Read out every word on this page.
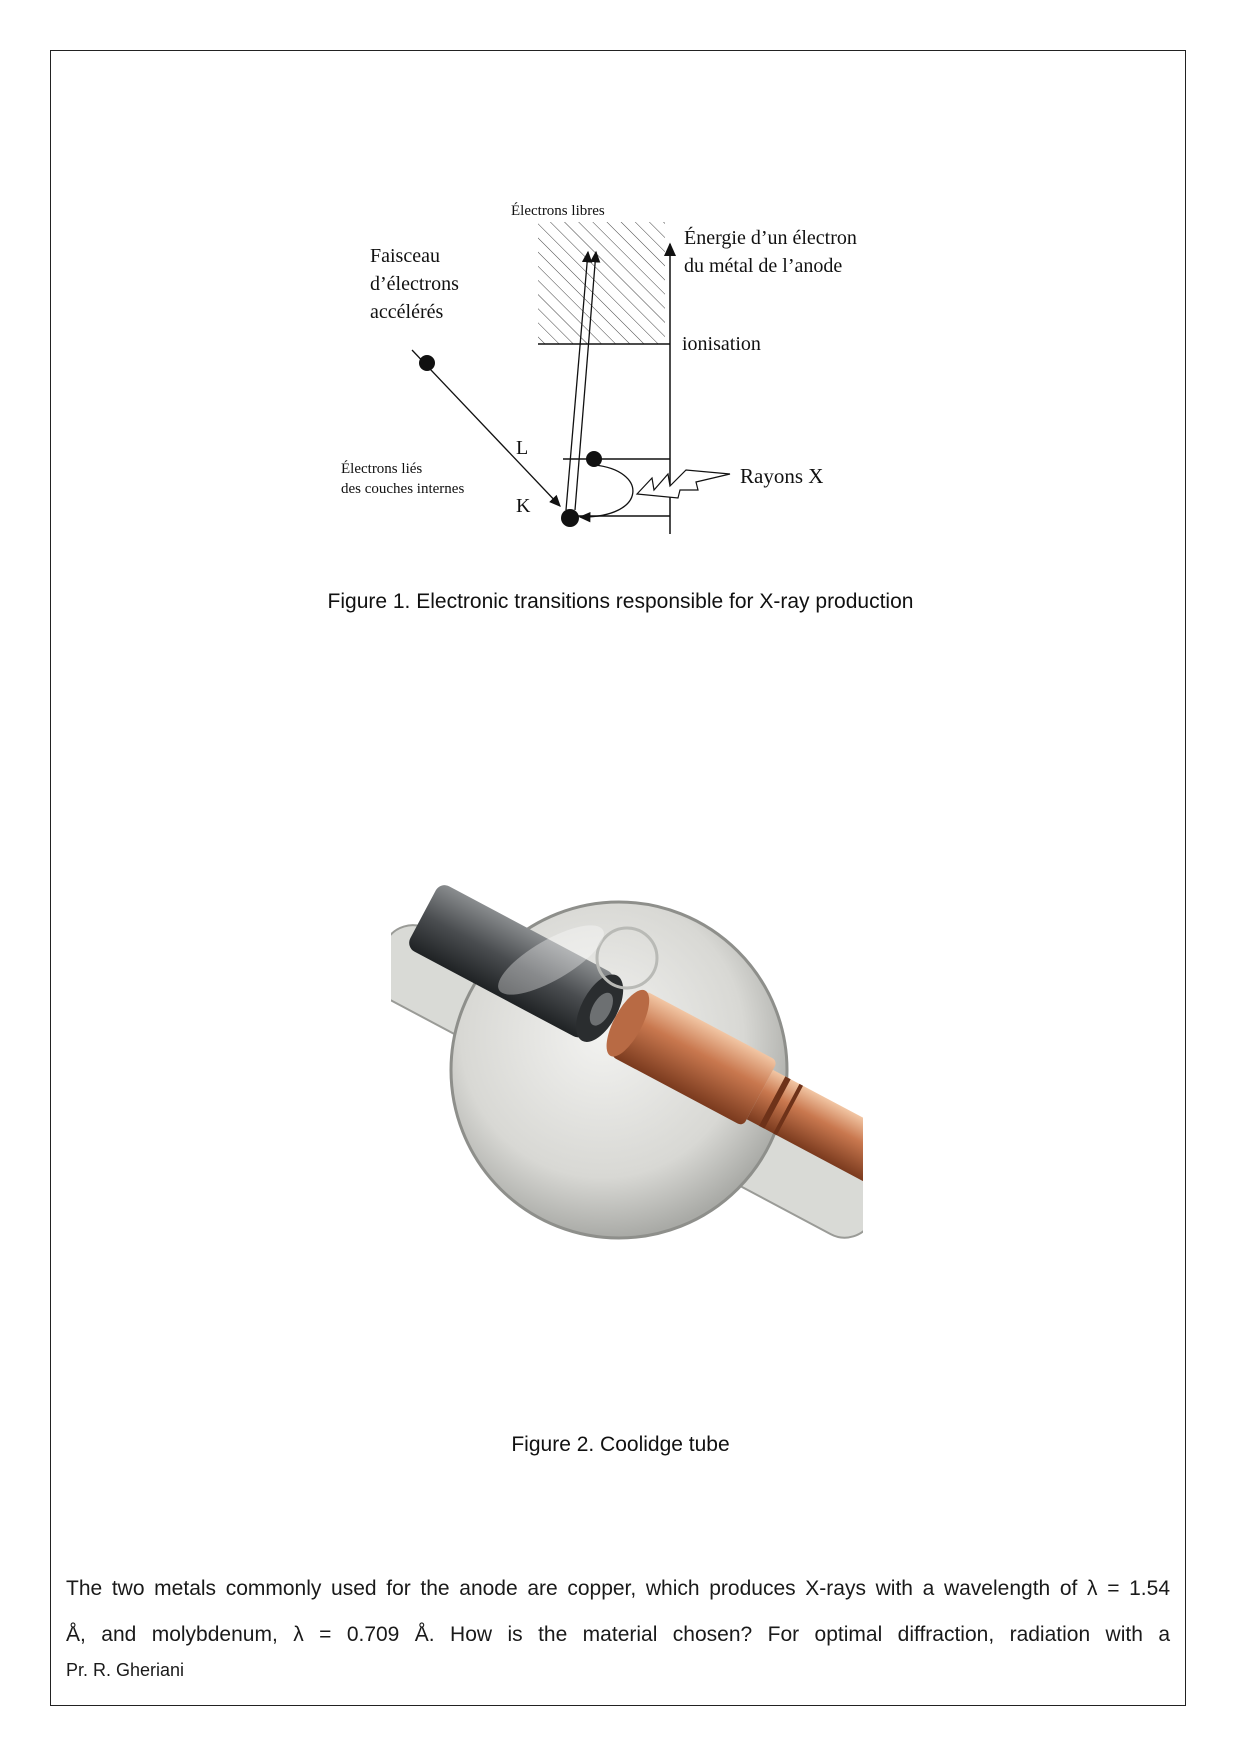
Électrons libres
Énergie d’un électron
du métal de l’anode
Faisceau
d’électrons
accélérés
ionisation
L
K
Électrons liés
des couches internes
Rayons X
Figure 1. Electronic transitions responsible for X-ray production
Figure 2. Coolidge tube

The two metals commonly used for the anode are copper, which produces X-rays with a wavelength of λ = 1.54

Å, and molybdenum, λ = 0.709 Å. How is the material chosen? For optimal diffraction, radiation with a

Pr. R. Gheriani
